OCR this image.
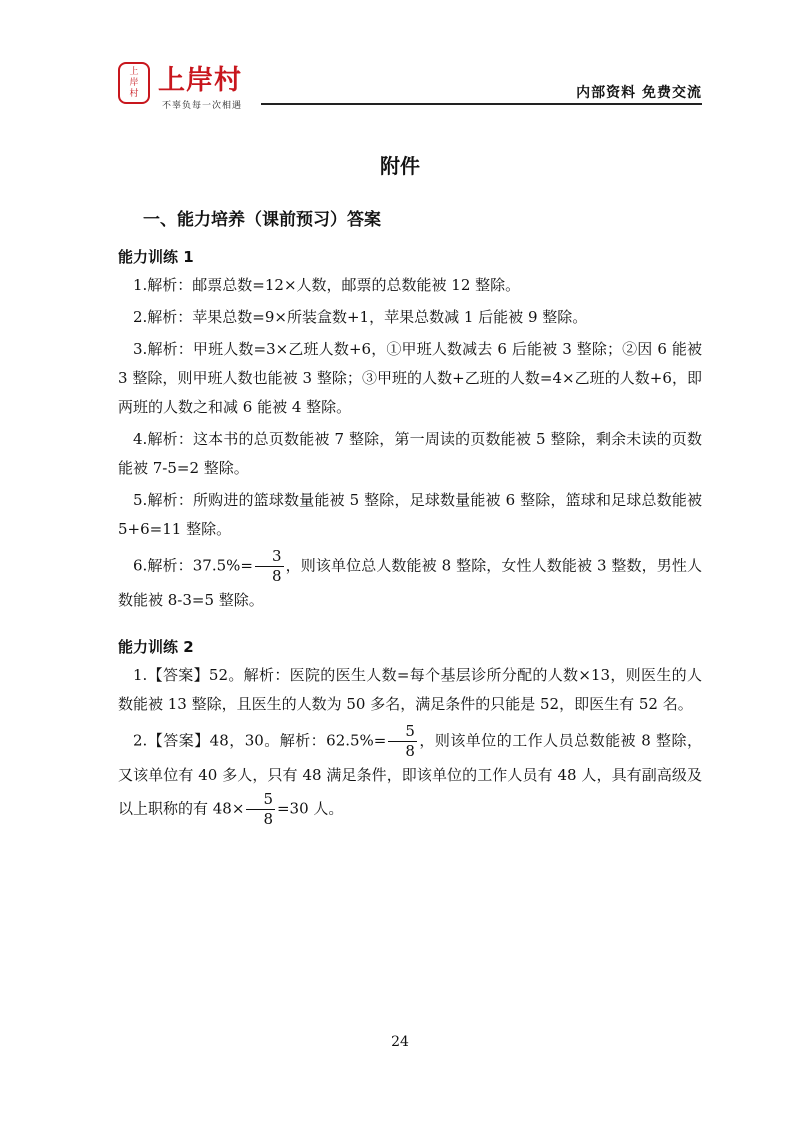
上
岸
村 上岸村
不辜负每一次相遇
内部资料 免费交流
附件
一、能力培养（课前预习）答案
能力训练 1

1.解析：邮票总数=12×人数，邮票的总数能被 12 整除。

2.解析：苹果总数=9×所装盒数+1，苹果总数减 1 后能被 9 整除。

3.解析：甲班人数=3×乙班人数+6，①甲班人数减去 6 后能被 3 整除；②因 6 能被 3 整除，则甲班人数也能被 3 整除；③甲班的人数+乙班的人数=4×乙班的人数+6，即两班的人数之和减 6 能被 4 整除。

4.解析：这本书的总页数能被 7 整除，第一周读的页数能被 5 整除，剩余未读的页数能被 7-5=2 整除。

5.解析：所购进的篮球数量能被 5 整除，足球数量能被 6 整除，篮球和足球总数能被 5+6=11 整除。

6.解析：$37.5\%= \frac{3}{8}$ ，则该单位总人数能被 8 整除，女性人数能被 3 整数，男性人数能被 8-3=5 整除。

能力训练 2

1.【答案】52。解析：医院的医生人数=每个基层诊所分配的人数×13，则医生的人数能被 13 整除，且医生的人数为 50 多名，满足条件的只能是 52，即医生有 52 名。

2.【答案】48，30。解析：$62.5\%= \frac{5}{8}$ ，则该单位的工作人员总数能被 8 整除，又该单位有 40 多人，只有 48 满足条件，即该单位的工作人员有 48 人，具有副高级及以上职称的有 $48\times \frac{5}{8} =30$ 人。

24
